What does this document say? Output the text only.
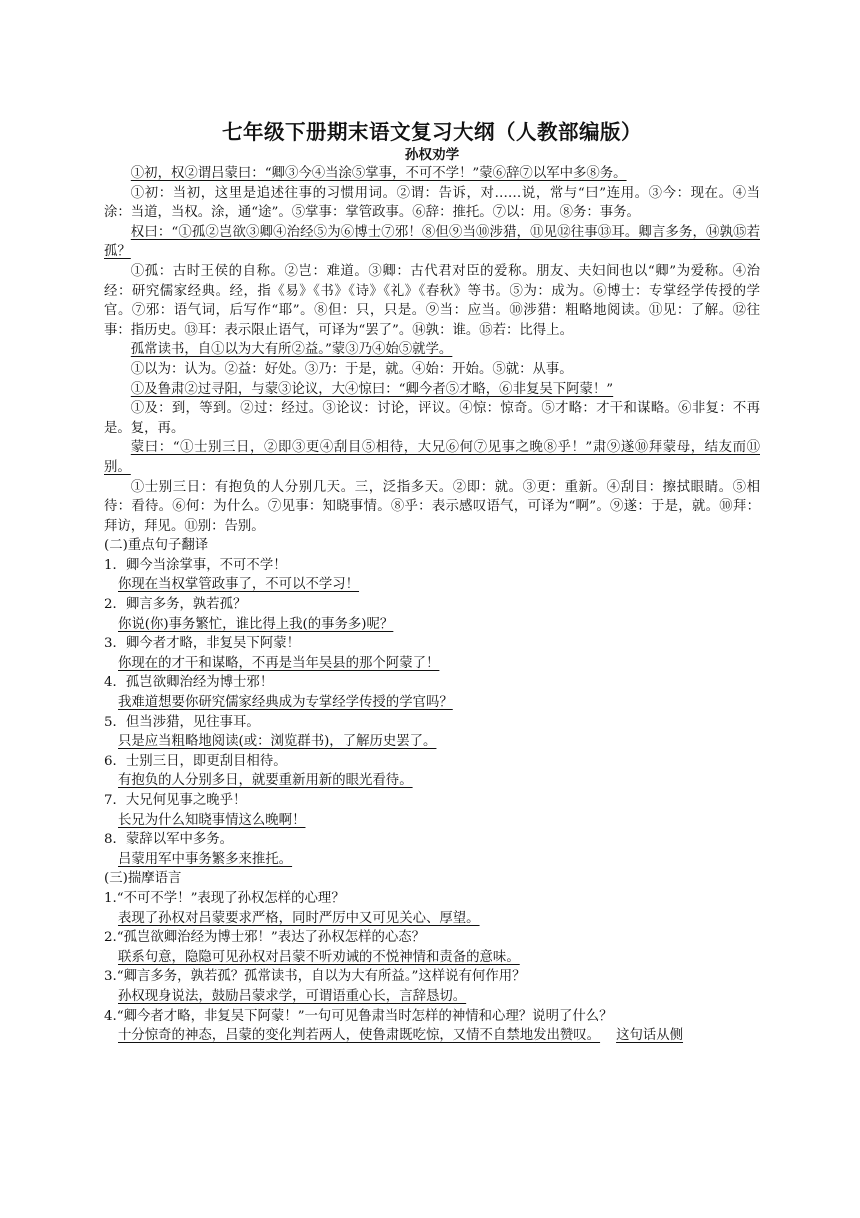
七年级下册期末语文复习大纲（人教部编版）
孙权劝学

①初，权②谓吕蒙曰：“卿③今④当涂⑤掌事，不可不学！”蒙⑥辞⑦以军中多⑧务。

①初：当初，这里是追述往事的习惯用词。②谓：告诉，对……说，常与“曰”连用。③今：现在。④当涂：当道，当权。涂，通“途”。⑤掌事：掌管政事。⑥辞：推托。⑦以：用。⑧务：事务。

权曰：“①孤②岂欲③卿④治经⑤为⑥博士⑦邪！⑧但⑨当⑩涉猎，⑪见⑫往事⑬耳。卿言多务，⑭孰⑮若孤？

①孤：古时王侯的自称。②岂：难道。③卿：古代君对臣的爱称。朋友、夫妇间也以“卿”为爱称。④治经：研究儒家经典。经，指《易》《书》《诗》《礼》《春秋》等书。⑤为：成为。⑥博士：专掌经学传授的学官。⑦邪：语气词，后写作“耶”。⑧但：只，只是。⑨当：应当。⑩涉猎：粗略地阅读。⑪见：了解。⑫往事：指历史。⑬耳：表示限止语气，可译为“罢了”。⑭孰：谁。⑮若：比得上。

孤常读书，自①以为大有所②益。”蒙③乃④始⑤就学。

①以为：认为。②益：好处。③乃：于是，就。④始：开始。⑤就：从事。

①及鲁肃②过寻阳，与蒙③论议，大④惊曰：“卿今者⑤才略，⑥非复吴下阿蒙！”

①及：到，等到。②过：经过。③论议：讨论，评议。④惊：惊奇。⑤才略：才干和谋略。⑥非复：不再是。复，再。

蒙曰：“①士别三日，②即③更④刮目⑤相待，大兄⑥何⑦见事之晚⑧乎！”肃⑨遂⑩拜蒙母，结友而⑪别。

①士别三日：有抱负的人分别几天。三，泛指多天。②即：就。③更：重新。④刮目：擦拭眼睛。⑤相待：看待。⑥何：为什么。⑦见事：知晓事情。⑧乎：表示感叹语气，可译为“啊”。⑨遂：于是，就。⑩拜：拜访，拜见。⑪别：告别。

(二)重点句子翻译

1．卿今当涂掌事，不可不学！

你现在当权掌管政事了，不可以不学习！

2．卿言多务，孰若孤？

你说(你)事务繁忙，谁比得上我(的事务多)呢？

3．卿今者才略，非复吴下阿蒙！

你现在的才干和谋略，不再是当年吴县的那个阿蒙了！

4．孤岂欲卿治经为博士邪！

我难道想要你研究儒家经典成为专掌经学传授的学官吗？

5．但当涉猎，见往事耳。

只是应当粗略地阅读(或：浏览群书)，了解历史罢了。

6．士别三日，即更刮目相待。

有抱负的人分别多日，就要重新用新的眼光看待。

7．大兄何见事之晚乎！

长兄为什么知晓事情这么晚啊！

8．蒙辞以军中多务。

吕蒙用军中事务繁多来推托。

(三)揣摩语言

1.“不可不学！”表现了孙权怎样的心理？

表现了孙权对吕蒙要求严格，同时严厉中又可见关心、厚望。

2.“孤岂欲卿治经为博士邪！”表达了孙权怎样的心态？

联系句意，隐隐可见孙权对吕蒙不听劝诫的不悦神情和责备的意味。

3.“卿言多务，孰若孤？孤常读书，自以为大有所益。”这样说有何作用？

孙权现身说法，鼓励吕蒙求学，可谓语重心长，言辞恳切。

4.“卿今者才略，非复吴下阿蒙！”一句可见鲁肃当时怎样的神情和心理？说明了什么？

十分惊奇的神态，吕蒙的变化判若两人，使鲁肃既吃惊，又情不自禁地发出赞叹。 这句话从侧
